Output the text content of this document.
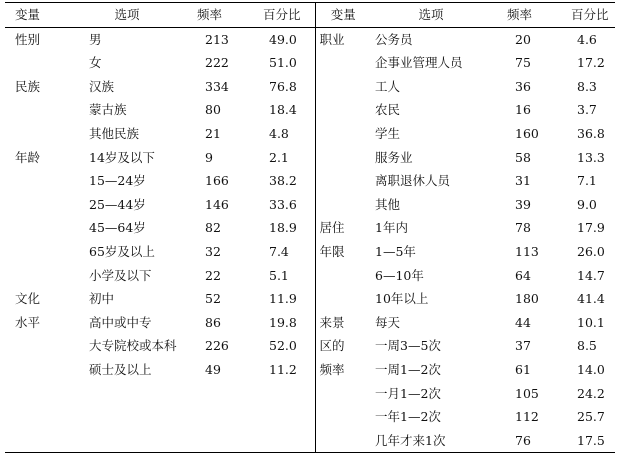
变量	选项	频率	百分比	变量	选项	频率	百分比
性别	男	213	49.0	职业	公务员	20	4.6
	女	222	51.0		企事业管理人员	75	17.2
民族	汉族	334	76.8		工人	36	8.3
	蒙古族	80	18.4		农民	16	3.7
	其他民族	21	4.8		学生	160	36.8
年龄	14岁及以下	9	2.1		服务业	58	13.3
	15—24岁	166	38.2		离职退休人员	31	7.1
	25—44岁	146	33.6		其他	39	9.0
	45—64岁	82	18.9	居住	1年内	78	17.9
	65岁及以上	32	7.4	年限	1—5年	113	26.0
	小学及以下	22	5.1		6—10年	64	14.7
文化	初中	52	11.9		10年以上	180	41.4
水平	高中或中专	86	19.8	来景	每天	44	10.1
	大专院校或本科	226	52.0	区的	一周3—5次	37	8.5
	硕士及以上	49	11.2	频率	一周1—2次	61	14.0
					一月1—2次	105	24.2
					一年1—2次	112	25.7
					几年才来1次	76	17.5
